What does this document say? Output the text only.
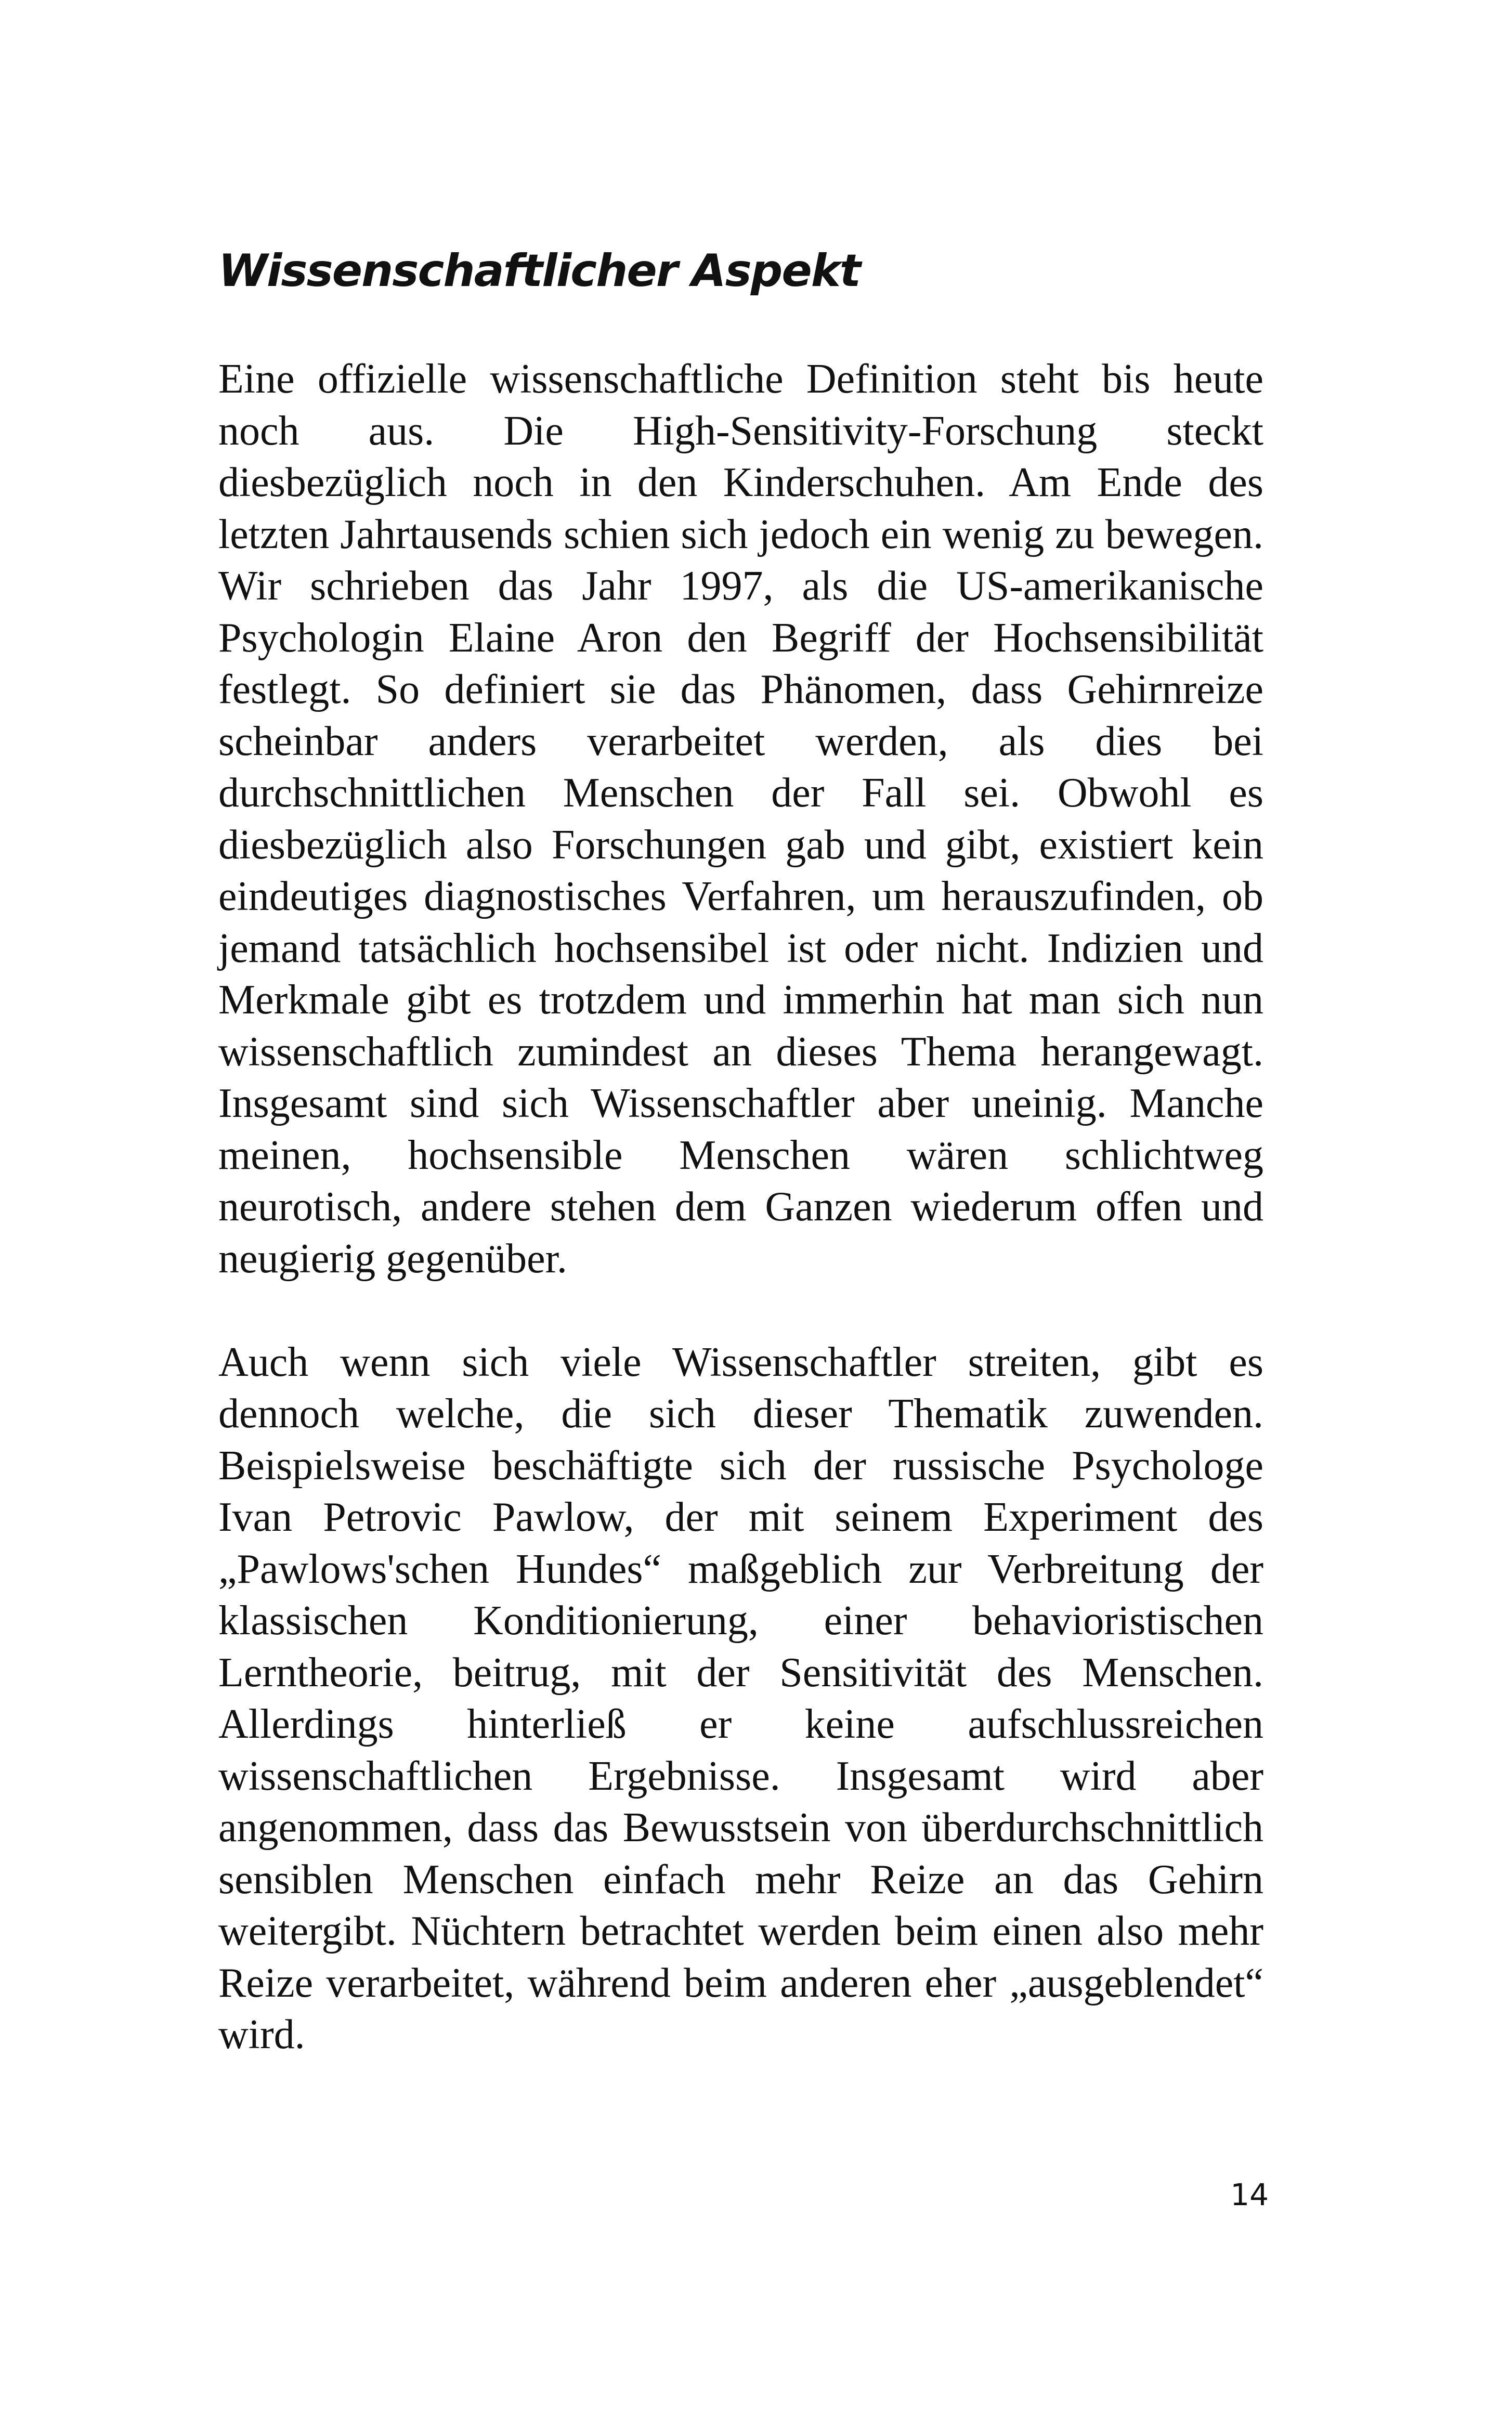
Wissenschaftlicher Aspekt

Eine offizielle wissenschaftliche Definition steht bis heute noch aus. Die High-Sensitivity-Forschung steckt diesbezüglich noch in den Kinderschuhen. Am Ende des letzten Jahrtausends schien sich jedoch ein wenig zu bewegen. Wir schrieben das Jahr 1997, als die US-amerikanische Psychologin Elaine Aron den Begriff der Hochsensibilität festlegt. So definiert sie das Phänomen, dass Gehirnreize scheinbar anders verarbeitet werden, als dies bei durchschnittlichen Menschen der Fall sei. Obwohl es diesbezüglich also Forschungen gab und gibt, existiert kein eindeutiges diagnostisches Verfahren, um herauszufinden, ob jemand tatsächlich hochsensibel ist oder nicht. Indizien und Merkmale gibt es trotzdem und immerhin hat man sich nun wissenschaftlich zumindest an dieses Thema herangewagt. Insgesamt sind sich Wissenschaftler aber uneinig. Manche meinen, hochsensible Menschen wären schlichtweg neurotisch, andere stehen dem Ganzen wiederum offen und neugierig gegenüber.

Auch wenn sich viele Wissenschaftler streiten, gibt es dennoch welche, die sich dieser Thematik zuwenden. Beispielsweise beschäftigte sich der russische Psychologe Ivan Petrovic Pawlow, der mit seinem Experiment des „Pawlows'schen Hundes“ maßgeblich zur Verbreitung der klassischen Konditionierung, einer behavioristischen Lerntheorie, beitrug, mit der Sensitivität des Menschen. Allerdings hinterließ er keine aufschlussreichen wissenschaftlichen Ergebnisse. Insgesamt wird aber angenommen, dass das Bewusstsein von überdurchschnittlich sensiblen Menschen einfach mehr Reize an das Gehirn weitergibt. Nüchtern betrachtet werden beim einen also mehr Reize verarbeitet, während beim anderen eher „ausgeblendet“ wird.

14
